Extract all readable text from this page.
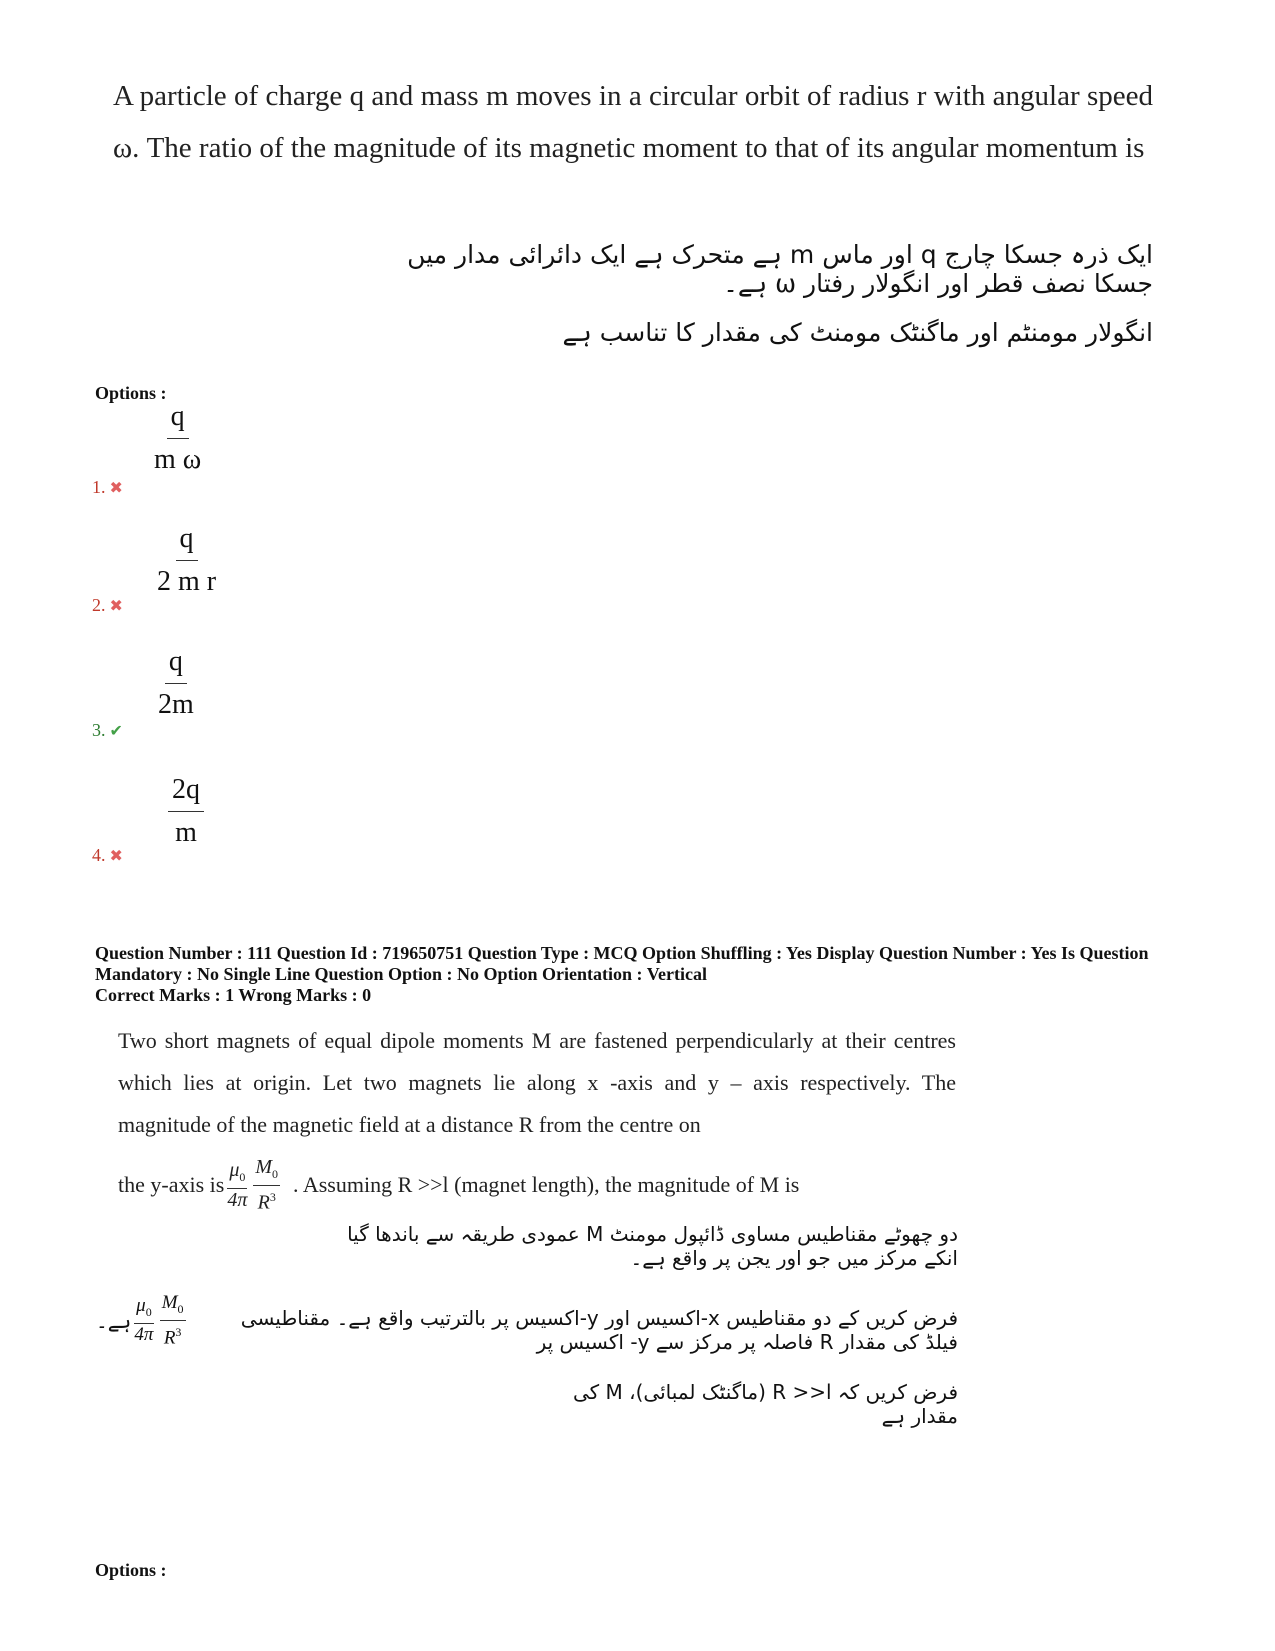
A particle of charge q and mass m moves in a circular orbit of radius r with angular speed ω. The ratio of the magnitude of its magnetic moment to that of its angular momentum is
ایک ذرہ جسکا چارج q اور ماس m ہے متحرک ہے ایک دائرائی مدار میں جسکا نصف قطر اور انگولار رفتار ω ہے۔
انگولار مومنٹم اور ماگنٹک مومنٹ کی مقدار کا تناسب ہے
Options :
$\frac{q}{\text{m ω}}$
1. ✖
$\frac{q}{\text{2 m r}}$
2. ✖
$\frac{q}{2m}$
3. ✔
$\frac{2q}{m}$
4. ✖
Question Number : 111 Question Id : 719650751 Question Type : MCQ Option Shuffling : Yes Display Question Number : Yes Is Question Mandatory : No Single Line Question Option : No Option Orientation : Vertical
Correct Marks : 1 Wrong Marks : 0
Two short magnets of equal dipole moments M are fastened perpendicularly at their centres which lies at origin. Let two magnets lie along x -axis and y – axis respectively. The magnitude of the magnetic field at a distance R from the centre on
the y-axis is
$\mu_0$
4π
$M_0$
$R^3$
. Assuming R >>l (magnet length), the magnitude of M is
دو چھوٹے مقناطیس مساوی ڈائپول مومنٹ M عمودی طریقہ سے باندھا گیا انکے مرکز میں جو اور یجن پر واقع ہے۔
ہے۔
$\mu_0$
4π
$M_0$
$R^3$
فرض کریں کے دو مقناطیس x-اکسیس اور y-اکسیس پر بالترتیب واقع ہے۔ مقناطیسی فیلڈ کی مقدار R فاصلہ پر مرکز سے y- اکسیس پر
فرض کریں کہ R >>l (ماگنٹک لمبائی)، M کی مقدار ہے
Options :
